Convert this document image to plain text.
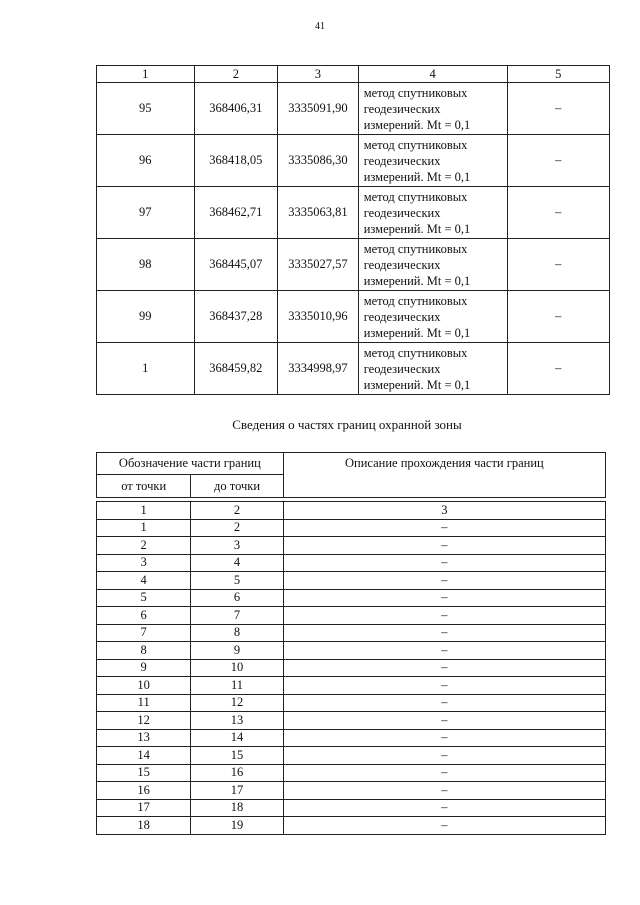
41
1	2	3	4	5
95	368406,31	3335091,90	метод спутниковых
геодезических
измерений. Mt = 0,1	–
96	368418,05	3335086,30	метод спутниковых
геодезических
измерений. Mt = 0,1	–
97	368462,71	3335063,81	метод спутниковых
геодезических
измерений. Mt = 0,1	–
98	368445,07	3335027,57	метод спутниковых
геодезических
измерений. Mt = 0,1	–
99	368437,28	3335010,96	метод спутниковых
геодезических
измерений. Mt = 0,1	–
1	368459,82	3334998,97	метод спутниковых
геодезических
измерений. Mt = 0,1	–
Сведения о частях границ охранной зоны
Обозначение части границ		Описание прохождения части границ
от точки	до точки	

1	2	3
1	2	–
2	3	–
3	4	–
4	5	–
5	6	–
6	7	–
7	8	–
8	9	–
9	10	–
10	11	–
11	12	–
12	13	–
13	14	–
14	15	–
15	16	–
16	17	–
17	18	–
18	19	–
